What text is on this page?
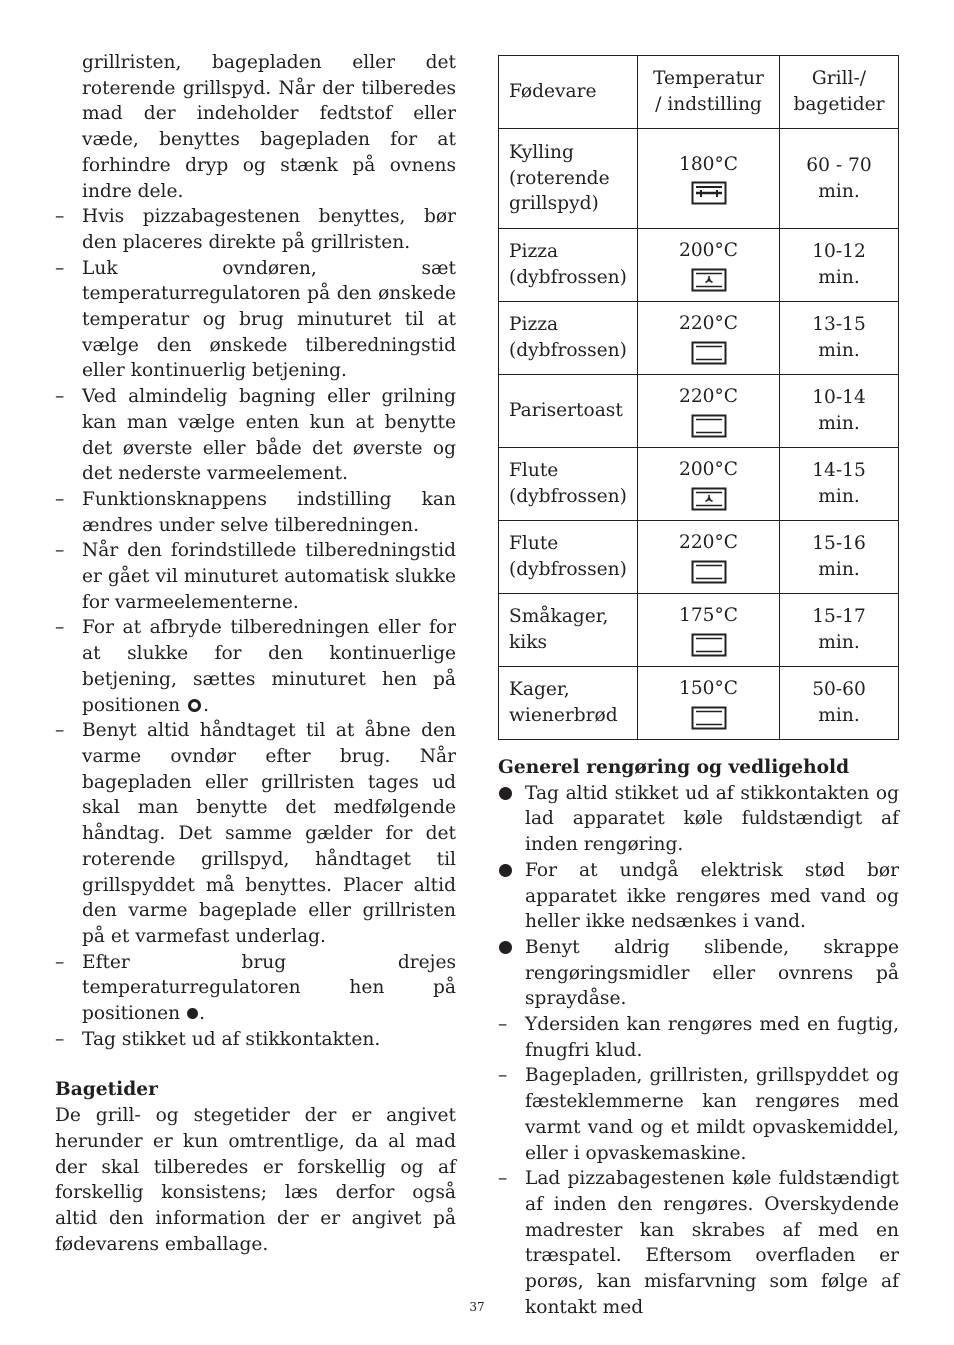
grillristen, bagepladen eller det roterende grillspyd. Når der tilberedes mad der indeholder fedtstof eller væde, benyttes bagepladen for at forhindre dryp og stænk på ovnens indre dele.
– Hvis pizzabagestenen benyttes, bør den placeres direkte på grillristen.
– Luk ovndøren, sæt temperaturregulatoren på den ønskede temperatur og brug minuturet til at vælge den ønskede tilberedningstid eller kontinuerlig betjening.
– Ved almindelig bagning eller grilning kan man vælge enten kun at benytte det øverste eller både det øverste og det nederste varmeelement.
– Funktionsknappens indstilling kan ændres under selve tilberedningen.
– Når den forindstillede tilberedningstid er gået vil minuturet automatisk slukke for varmeelementerne.
– For at afbryde tilberedningen eller for at slukke for den kontinuerlige betjening, sættes minuturet hen på positionen .
– Benyt altid håndtaget til at åbne den varme ovndør efter brug. Når bagepladen eller grillristen tages ud skal man benytte det medfølgende håndtag. Det samme gælder for det roterende grillspyd, håndtaget til grillspyddet må benyttes. Placer altid den varme bageplade eller grillristen på et varmefast underlag.
– Efter brug drejes temperaturregulatoren hen på positionen .
– Tag stikket ud af stikkontakten.
Bagetider
De grill- og stegetider der er angivet herunder er kun omtrentlige, da al mad der skal tilberedes er forskellig og af forskellig konsistens; læs derfor også altid den information der er angivet på fødevarens emballage.
Fødevare	Temperatur / indstilling	Grill-/ bagetider
Kylling (roterende grillspyd)	180°C	60 - 70 min.
Pizza (dybfrossen)	200°C	10-12 min.
Pizza (dybfrossen)	220°C	13-15 min.
Parisertoast	220°C	10-14 min.
Flute (dybfrossen)	200°C	14-15 min.
Flute (dybfrossen)	220°C	15-16 min.
Småkager, kiks	175°C	15-17 min.
Kager, wienerbrød	150°C	50-60 min.
Generel rengøring og vedligehold
Tag altid stikket ud af stikkontakten og lad apparatet køle fuldstændigt af inden rengøring.
For at undgå elektrisk stød bør apparatet ikke rengøres med vand og heller ikke nedsænkes i vand.
Benyt aldrig slibende, skrappe rengøringsmidler eller ovnrens på spraydåse.
– Ydersiden kan rengøres med en fugtig, fnugfri klud.
– Bagepladen, grillristen, grillspyddet og fæsteklemmerne kan rengøres med varmt vand og et mildt opvaskemiddel, eller i opvaskemaskine.
– Lad pizzabagestenen køle fuldstændigt af inden den rengøres. Overskydende madrester kan skrabes af med en træspatel. Eftersom overfladen er porøs, kan misfarvning som følge af kontakt med
37
